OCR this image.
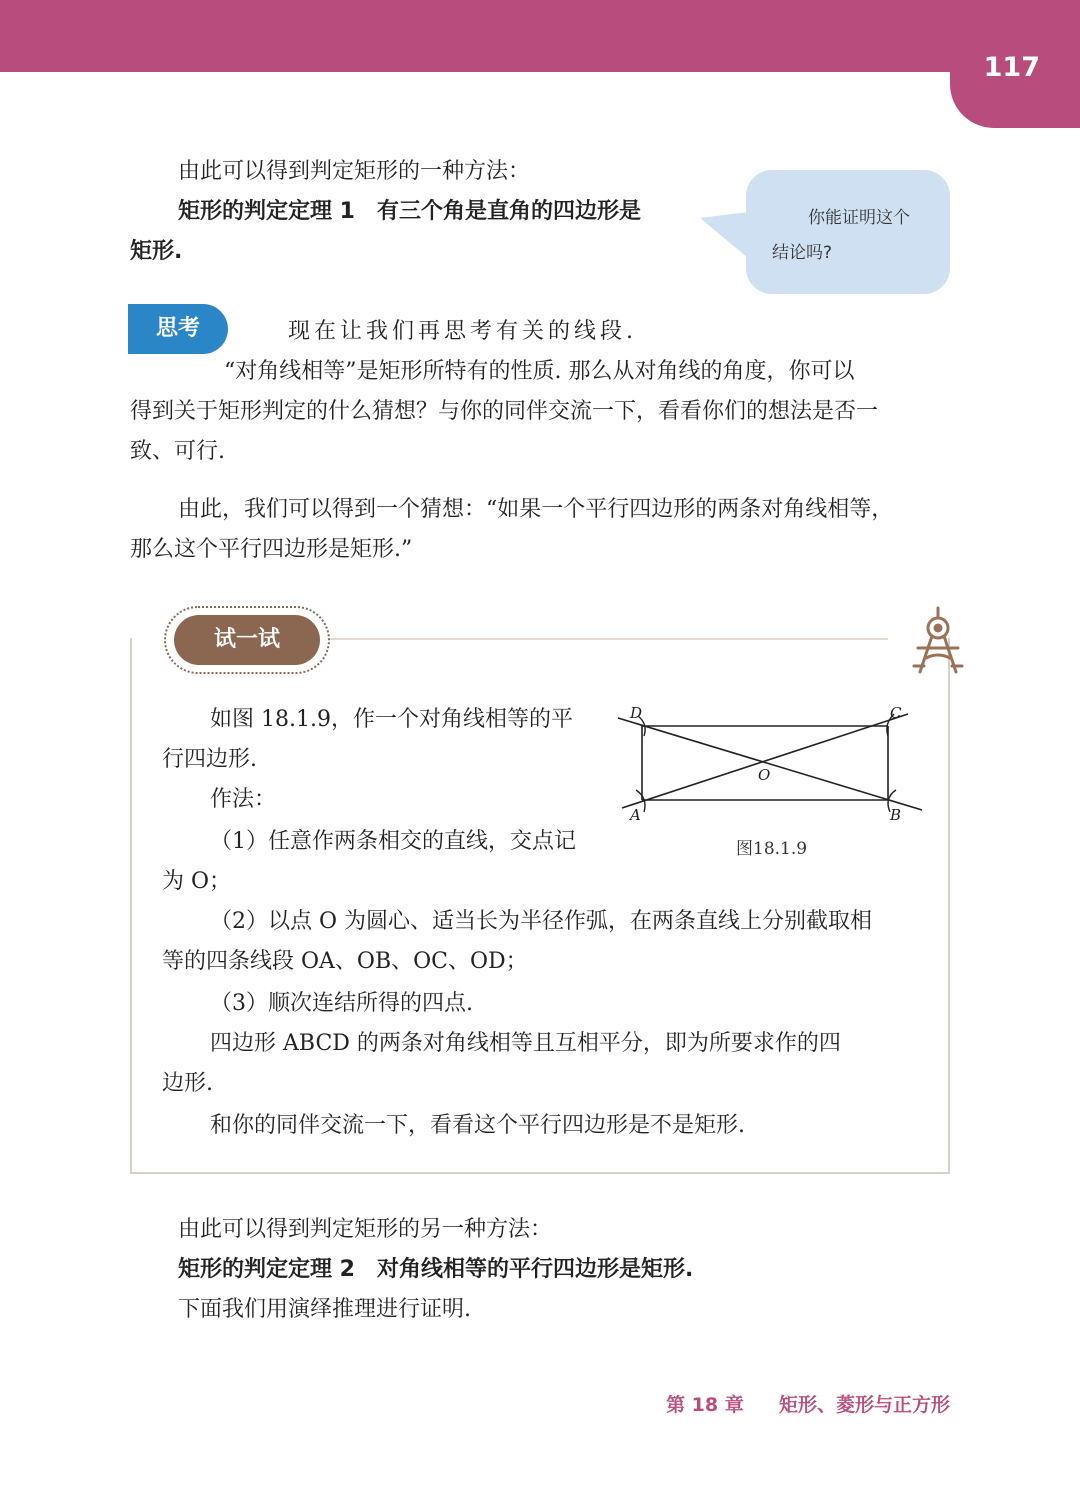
117
由此可以得到判定矩形的一种方法：
矩形的判定定理 1　有三个角是直角的四边形是
矩形.
你能证明这个
结论吗?
思考	现在让我们再思考有关的线段.
“对角线相等”是矩形所特有的性质. 那么从对角线的角度，你可以
得到关于矩形判定的什么猜想？与你的同伴交流一下，看看你们的想法是否一
致、可行.
由此，我们可以得到一个猜想：“如果一个平行四边形的两条对角线相等，
那么这个平行四边形是矩形.”
试一试
如图 18.1.9，作一个对角线相等的平
行四边形.
作法：
（1）任意作两条相交的直线，交点记
为 O；
（2）以点 O 为圆心、适当长为半径作弧，在两条直线上分别截取相
等的四条线段 OA、OB、OC、OD；
（3）顺次连结所得的四点.
四边形 ABCD 的两条对角线相等且互相平分，即为所要求作的四
边形.
和你的同伴交流一下，看看这个平行四边形是不是矩形.
D
A
C
B
O
图18.1.9
由此可以得到判定矩形的另一种方法：
矩形的判定定理 2　对角线相等的平行四边形是矩形.
下面我们用演绎推理进行证明.
第 18 章 矩形、菱形与正方形
